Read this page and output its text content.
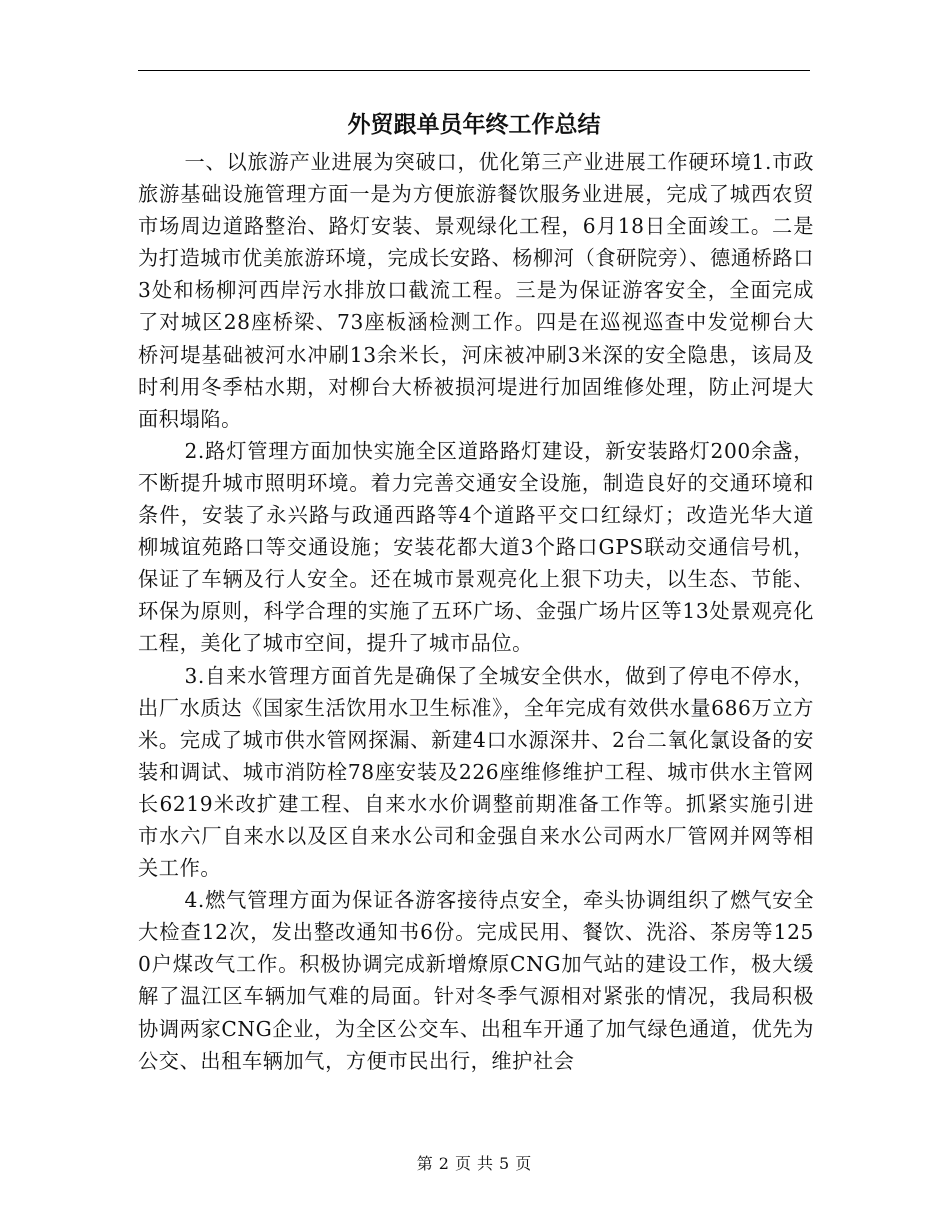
外贸跟单员年终工作总结

一、以旅游产业进展为突破口，优化第三产业进展工作硬环境1.市政旅游基础设施管理方面一是为方便旅游餐饮服务业进展，完成了城西农贸市场周边道路整治、路灯安装、景观绿化工程，6月18日全面竣工。二是为打造城市优美旅游环境，完成长安路、杨柳河（食研院旁）、德通桥路口3处和杨柳河西岸污水排放口截流工程。三是为保证游客安全，全面完成了对城区28座桥梁、73座板涵检测工作。四是在巡视巡查中发觉柳台大桥河堤基础被河水冲刷13余米长，河床被冲刷3米深的安全隐患，该局及时利用冬季枯水期，对柳台大桥被损河堤进行加固维修处理，防止河堤大面积塌陷。

2.路灯管理方面加快实施全区道路路灯建设，新安装路灯200余盏，不断提升城市照明环境。着力完善交通安全设施，制造良好的交通环境和条件，安装了永兴路与政通西路等4个道路平交口红绿灯；改造光华大道柳城谊苑路口等交通设施；安装花都大道3个路口GPS联动交通信号机，保证了车辆及行人安全。还在城市景观亮化上狠下功夫，以生态、节能、环保为原则，科学合理的实施了五环广场、金强广场片区等13处景观亮化工程，美化了城市空间，提升了城市品位。

3.自来水管理方面首先是确保了全城安全供水，做到了停电不停水，出厂水质达《国家生活饮用水卫生标准》，全年完成有效供水量686万立方米。完成了城市供水管网探漏、新建4口水源深井、2台二氧化氯设备的安装和调试、城市消防栓78座安装及226座维修维护工程、城市供水主管网长6219米改扩建工程、自来水水价调整前期准备工作等。抓紧实施引进市水六厂自来水以及区自来水公司和金强自来水公司两水厂管网并网等相关工作。

4.燃气管理方面为保证各游客接待点安全，牵头协调组织了燃气安全大检查12次，发出整改通知书6份。完成民用、餐饮、洗浴、茶房等1250户煤改气工作。积极协调完成新增燎原CNG加气站的建设工作，极大缓解了温江区车辆加气难的局面。针对冬季气源相对紧张的情况，我局积极协调两家CNG企业，为全区公交车、出租车开通了加气绿色通道，优先为公交、出租车辆加气，方便市民出行，维护社会

第 2 页 共 5 页
